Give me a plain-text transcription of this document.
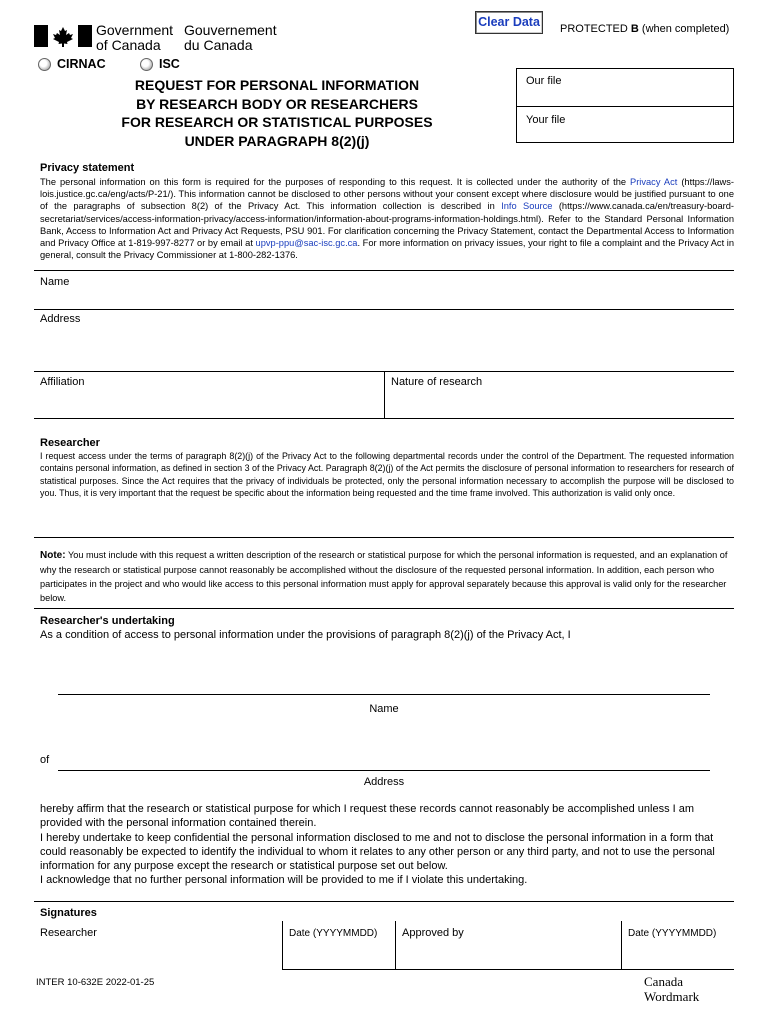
Government
of Canada
Gouvernement
du Canada
Clear Data PROTECTED B (when completed)
CIRNAC	ISC
REQUEST FOR PERSONAL INFORMATION
BY RESEARCH BODY OR RESEARCHERS
FOR RESEARCH OR STATISTICAL PURPOSES
UNDER PARAGRAPH 8(2)(j)
Our file
Your file
Privacy statement
The personal information on this form is required for the purposes of responding to this request. It is collected under the authority of the Privacy Act (https://laws-lois.justice.gc.ca/eng/acts/P-21/). This information cannot be disclosed to other persons without your consent except where disclosure would be justified pursuant to one of the paragraphs of subsection 8(2) of the Privacy Act. This information collection is described in Info Source (https://www.canada.ca/en/treasury-board-secretariat/services/access-information-privacy/access-information/information-about-programs-information-holdings.html). Refer to the Standard Personal Information Bank, Access to Information Act and Privacy Act Requests, PSU 901. For clarification concerning the Privacy Statement, contact the Departmental Access to Information and Privacy Office at 1-819-997-8277 or by email at upvp-ppu@sac-isc.gc.ca. For more information on privacy issues, your right to file a complaint and the Privacy Act in general, consult the Privacy Commissioner at 1-800-282-1376.
Name
Address
Affiliation	Nature of research
Researcher
I request access under the terms of paragraph 8(2)(j) of the Privacy Act to the following departmental records under the control of the Department. The requested information contains personal information, as defined in section 3 of the Privacy Act. Paragraph 8(2)(j) of the Act permits the disclosure of personal information to researchers for research of statistical purposes. Since the Act requires that the privacy of individuals be protected, only the personal information necessary to accomplish the purpose will be disclosed to you. Thus, it is very important that the request be specific about the information being requested and the time frame involved. This authorization is valid only once.
Note: You must include with this request a written description of the research or statistical purpose for which the personal information is requested, and an explanation of why the research or statistical purpose cannot reasonably be accomplished without the disclosure of the requested personal information. In addition, each person who participates in the project and who would like access to this personal information must apply for approval separately because this approval is valid only for the researcher below.
Researcher's undertaking
As a condition of access to personal information under the provisions of paragraph 8(2)(j) of the Privacy Act, I
Name
of
Address
hereby affirm that the research or statistical purpose for which I request these records cannot reasonably be accomplished unless I am provided with the personal information contained therein.
I hereby undertake to keep confidential the personal information disclosed to me and not to disclose the personal information in a form that could reasonably be expected to identify the individual to whom it relates to any other person or any third party, and not to use the personal information for any purpose except the research or statistical purpose set out below.
I acknowledge that no further personal information will be provided to me if I violate this undertaking.
Signatures
Researcher	Date (YYYYMMDD) Approved by	Date (YYYYMMDD)
INTER 10-632E 2022-01-25	Canada
Wordmark
